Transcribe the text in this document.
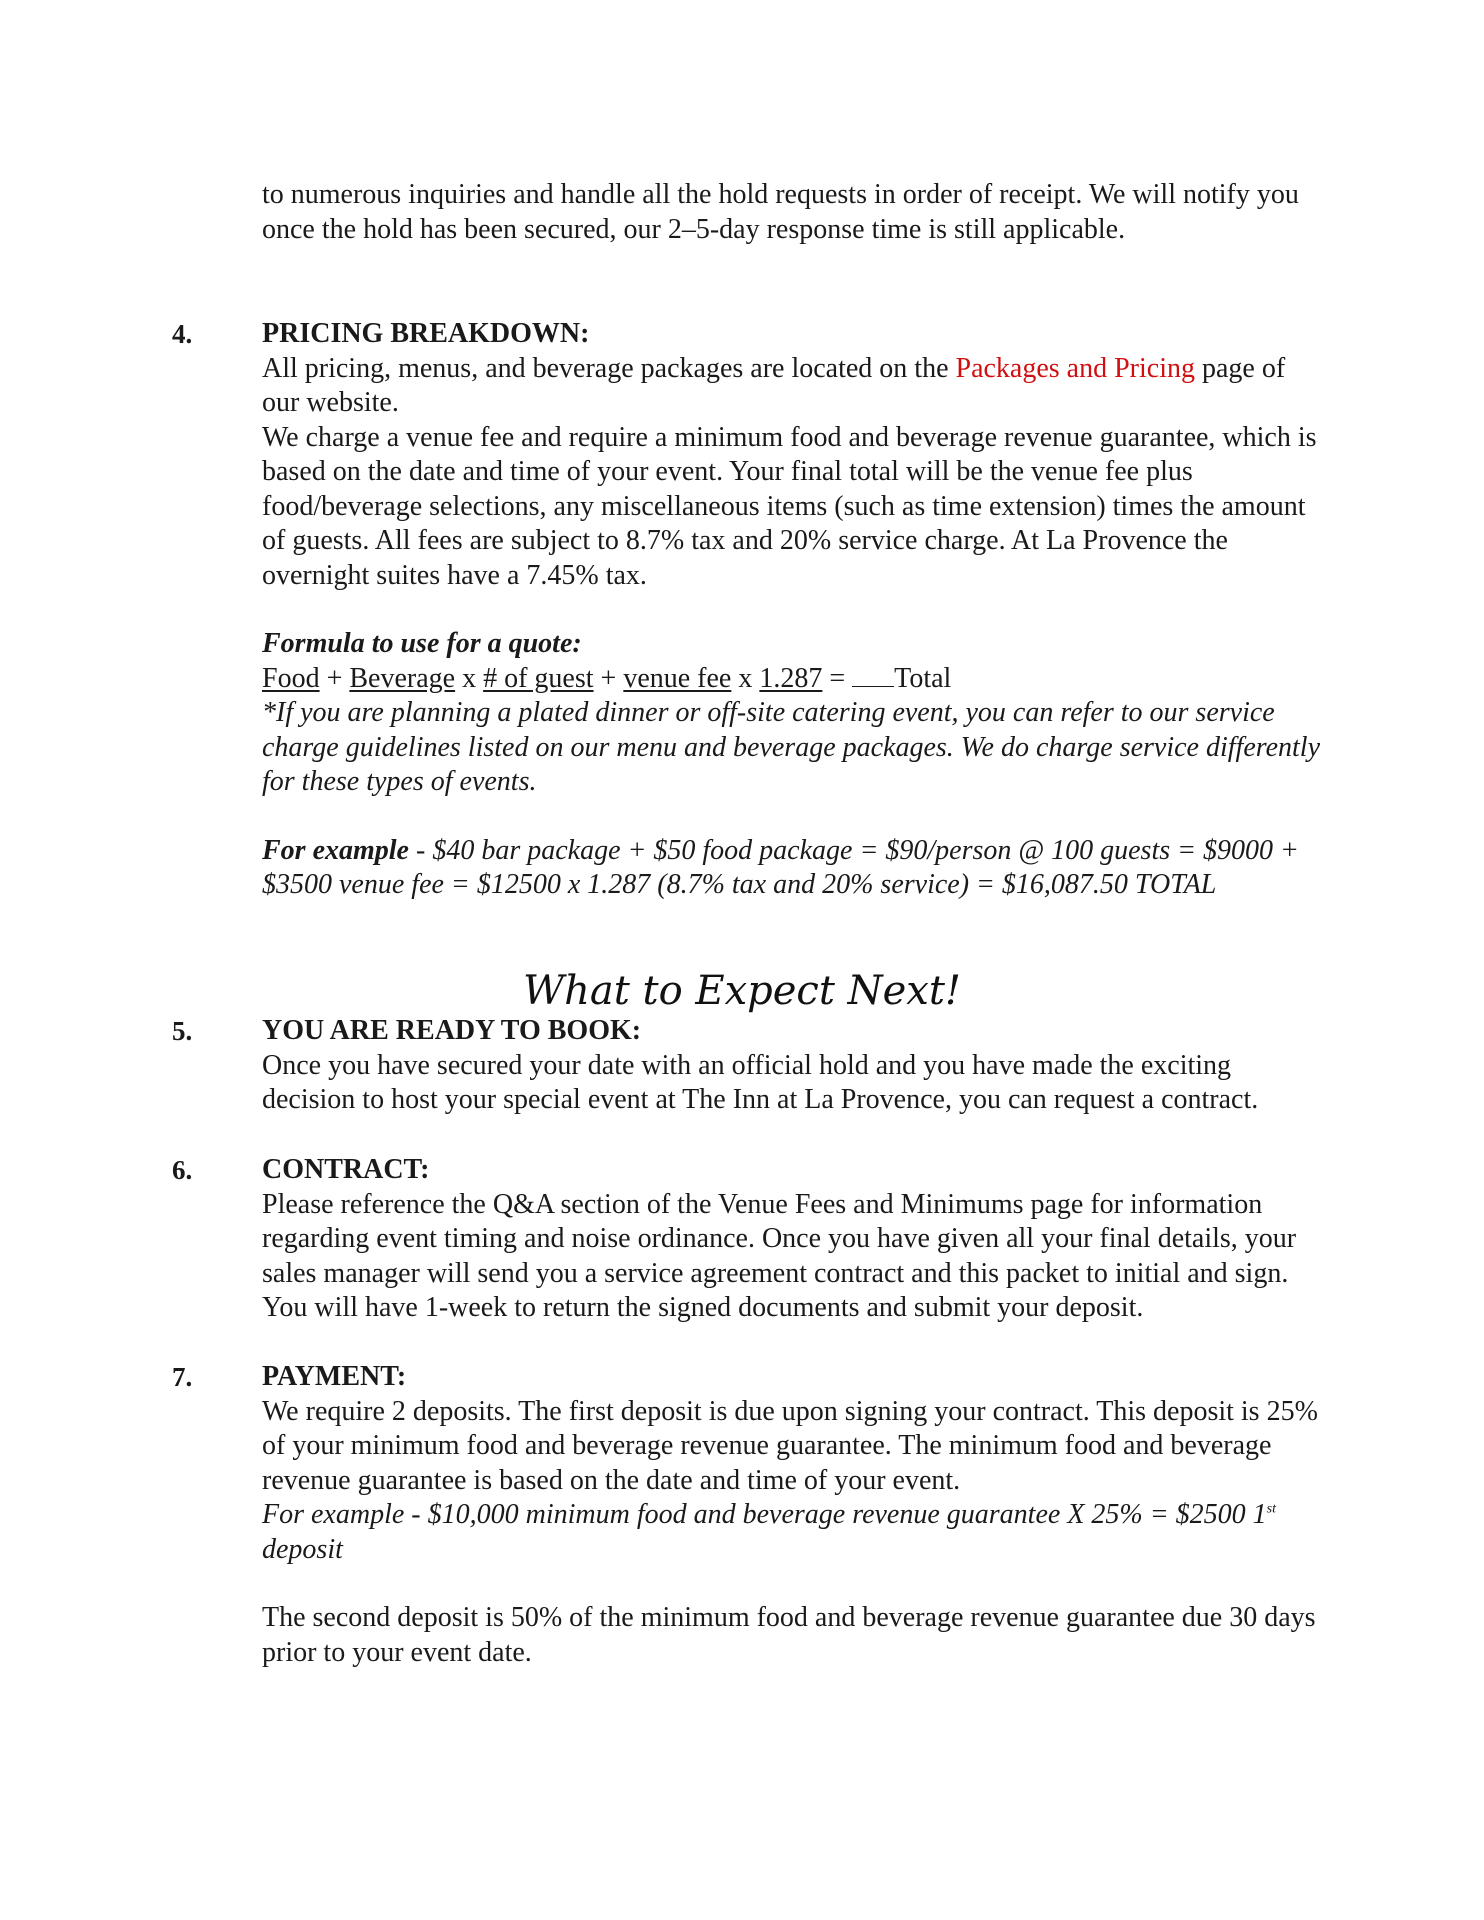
to numerous inquiries and handle all the hold requests in order of receipt. We will notify you

once the hold has been secured, our 2–5-day response time is still applicable.

4. PRICING BREAKDOWN:

All pricing, menus, and beverage packages are located on the Packages and Pricing page of our website.

We charge a venue fee and require a minimum food and beverage revenue guarantee, which is based on the date and time of your event. Your final total will be the venue fee plus food/beverage selections, any miscellaneous items (such as time extension) times the amount of guests. All fees are subject to 8.7% tax and 20% service charge. At La Provence the overnight suites have a 7.45% tax.

Formula to use for a quote:

Food + Beverage x # of guest + venue fee x 1.287 = Total

*If you are planning a plated dinner or off-site catering event, you can refer to our service charge guidelines listed on our menu and beverage packages. We do charge service differently for these types of events.

For example - $40 bar package + $50 food package = $90/person @ 100 guests = $9000 + $3500 venue fee = $12500 x 1.287 (8.7% tax and 20% service) = $16,087.50 TOTAL

What to Expect Next!
5. YOU ARE READY TO BOOK:

Once you have secured your date with an official hold and you have made the exciting decision to host your special event at The Inn at La Provence, you can request a contract.

6. CONTRACT:

Please reference the Q&A section of the Venue Fees and Minimums page for information regarding event timing and noise ordinance. Once you have given all your final details, your sales manager will send you a service agreement contract and this packet to initial and sign. You will have 1-week to return the signed documents and submit your deposit.

7. PAYMENT:

We require 2 deposits. The first deposit is due upon signing your contract. This deposit is 25% of your minimum food and beverage revenue guarantee. The minimum food and beverage revenue guarantee is based on the date and time of your event.

For example - $10,000 minimum food and beverage revenue guarantee X 25% = $2500 1st deposit

The second deposit is 50% of the minimum food and beverage revenue guarantee due 30 days prior to your event date.
